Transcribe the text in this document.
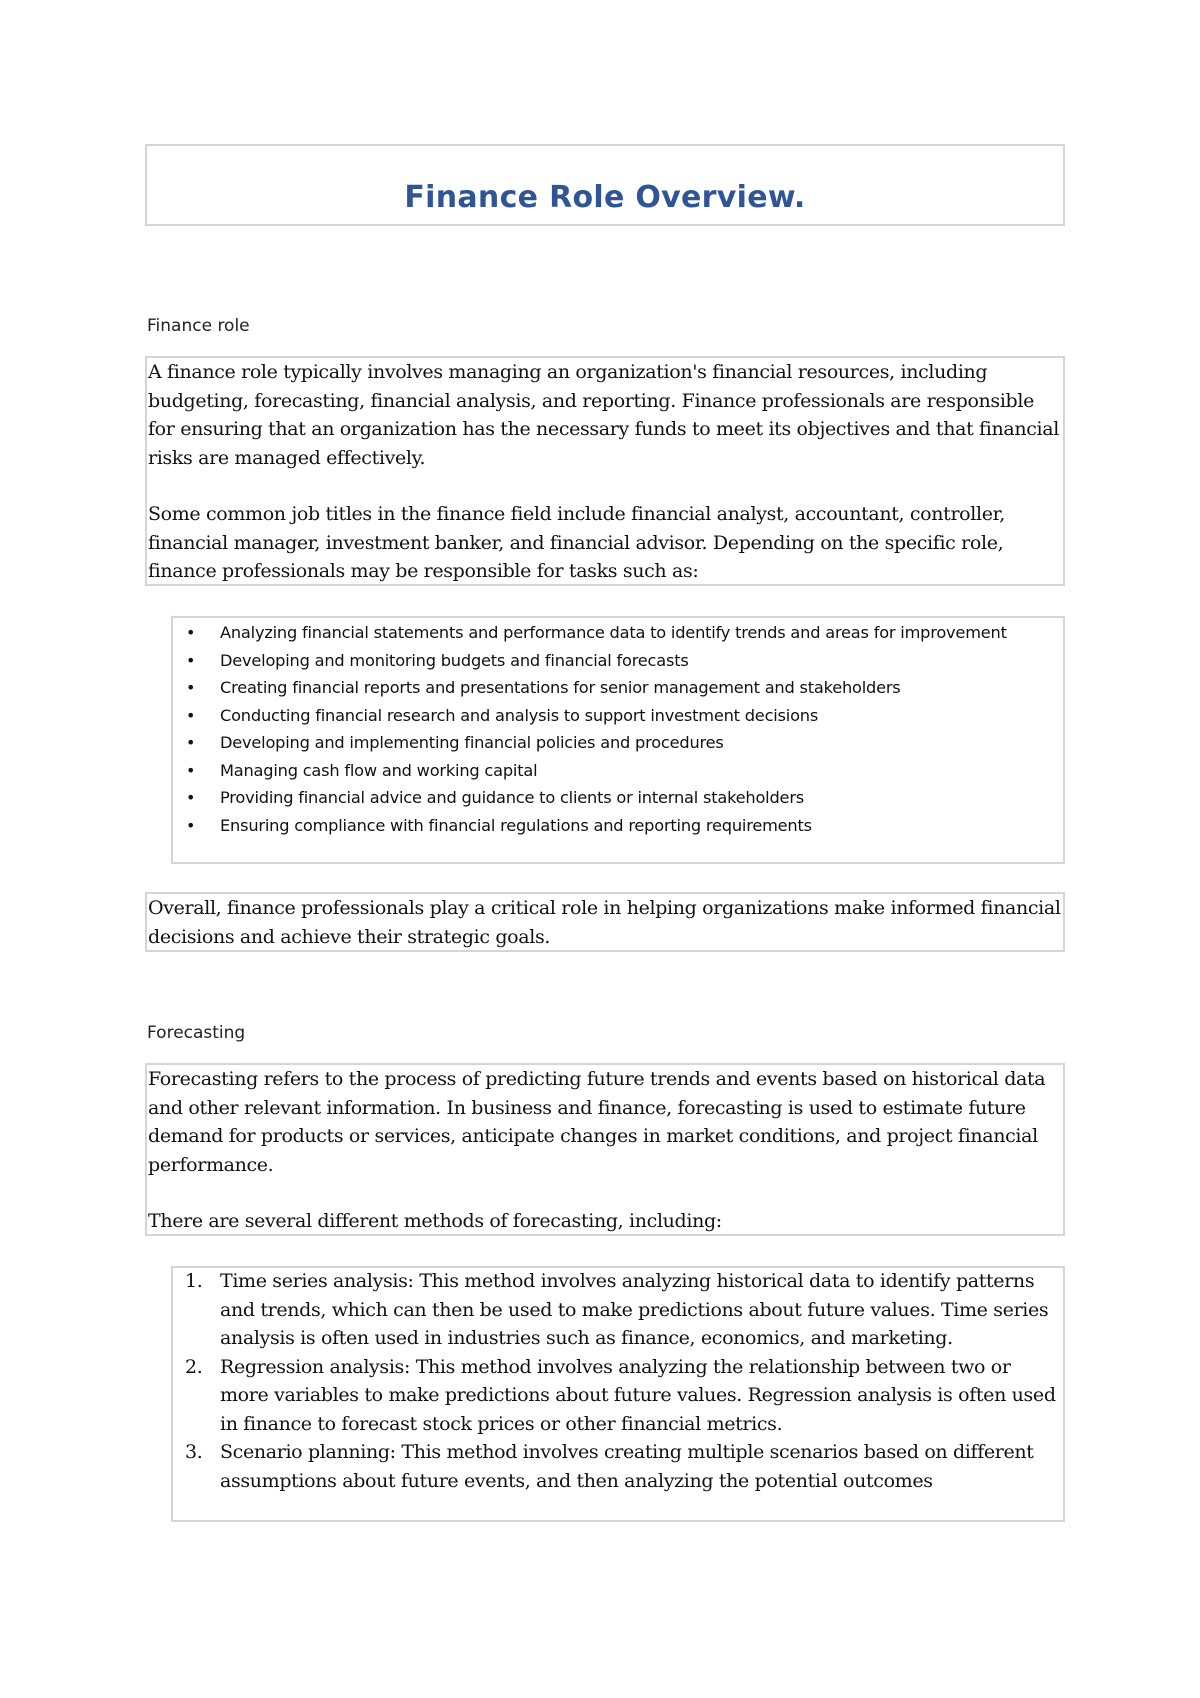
Finance Role Overview.
Finance role

A finance role typically involves managing an organization's financial resources, including budgeting, forecasting, financial analysis, and reporting. Finance professionals are responsible for ensuring that an organization has the necessary funds to meet its objectives and that financial risks are managed effectively.

Some common job titles in the finance field include financial analyst, accountant, controller, financial manager, investment banker, and financial advisor. Depending on the specific role, finance professionals may be responsible for tasks such as:

• Analyzing financial statements and performance data to identify trends and areas for improvement
• Developing and monitoring budgets and financial forecasts
• Creating financial reports and presentations for senior management and stakeholders
• Conducting financial research and analysis to support investment decisions
• Developing and implementing financial policies and procedures
• Managing cash flow and working capital
• Providing financial advice and guidance to clients or internal stakeholders
• Ensuring compliance with financial regulations and reporting requirements

Overall, finance professionals play a critical role in helping organizations make informed financial decisions and achieve their strategic goals.

Forecasting

Forecasting refers to the process of predicting future trends and events based on historical data and other relevant information. In business and finance, forecasting is used to estimate future demand for products or services, anticipate changes in market conditions, and project financial performance.

There are several different methods of forecasting, including:

1. Time series analysis: This method involves analyzing historical data to identify patterns and trends, which can then be used to make predictions about future values. Time series analysis is often used in industries such as finance, economics, and marketing.
2. Regression analysis: This method involves analyzing the relationship between two or more variables to make predictions about future values. Regression analysis is often used in finance to forecast stock prices or other financial metrics.
3. Scenario planning: This method involves creating multiple scenarios based on different assumptions about future events, and then analyzing the potential outcomes
